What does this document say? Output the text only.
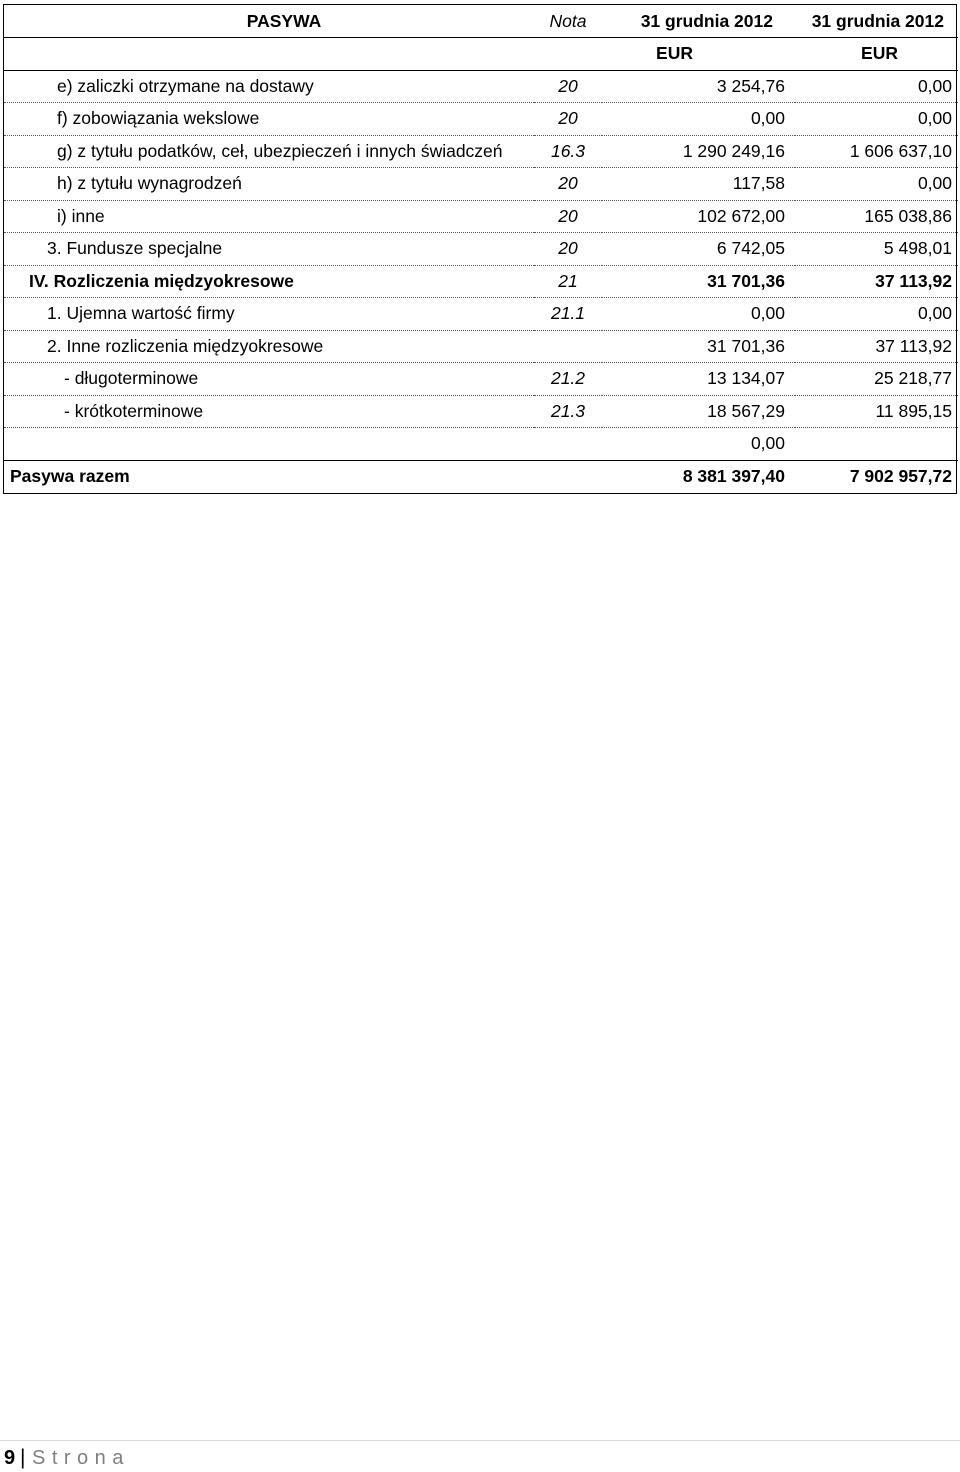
PASYWA	Nota	31 grudnia 2012	31 grudnia 2012
		EUR	EUR
e) zaliczki otrzymane na dostawy	20	3 254,76	0,00
f) zobowiązania wekslowe	20	0,00	0,00
g) z tytułu podatków, ceł, ubezpieczeń i innych świadczeń	16.3	1 290 249,16	1 606 637,10
h) z tytułu wynagrodzeń	20	117,58	0,00
i) inne	20	102 672,00	165 038,86
3. Fundusze specjalne	20	6 742,05	5 498,01
IV. Rozliczenia międzyokresowe	21	31 701,36	37 113,92
1. Ujemna wartość firmy	21.1	0,00	0,00
2. Inne rozliczenia międzyokresowe		31 701,36	37 113,92
- długoterminowe	21.2	13 134,07	25 218,77
- krótkoterminowe	21.3	18 567,29	11 895,15
		0,00	
Pasywa razem		8 381 397,40	7 902 957,72
9 | Strona
